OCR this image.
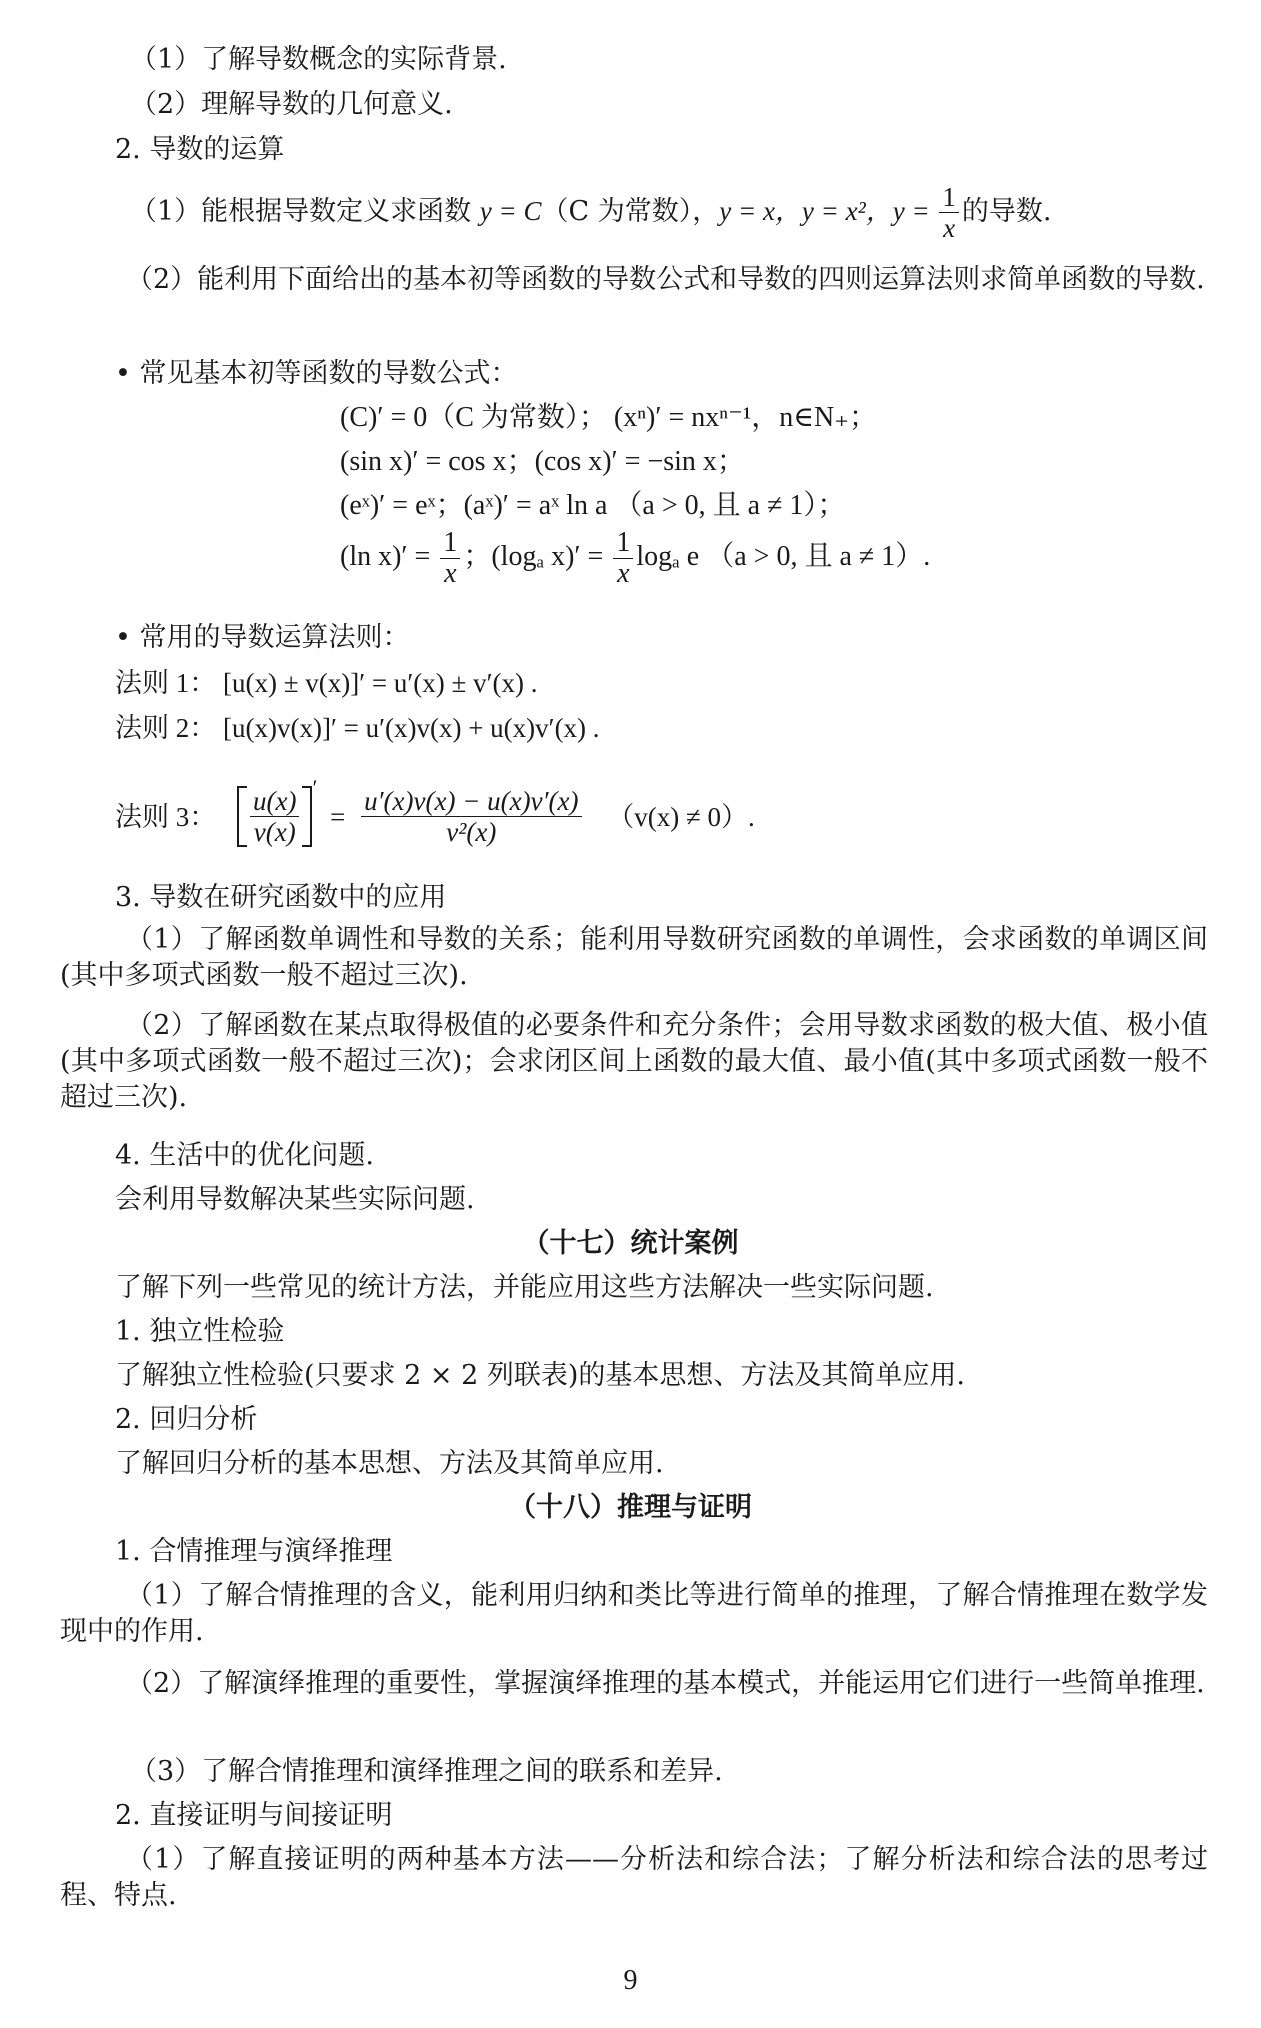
（1）了解导数概念的实际背景.
（2）理解导数的几何意义.
2. 导数的运算
（1）能根据导数定义求函数 y = C（C 为常数），y = x，y = x²，$y = \frac{1}{x}$ 的导数.
（2）能利用下面给出的基本初等函数的导数公式和导数的四则运算法则求简单函数的导数.
• 常见基本初等函数的导数公式：
(C)′ = 0（C 为常数）； (xⁿ)′ = nxⁿ⁻¹，n∈N₊；
(sin x)′ = cos x；(cos x)′ = −sin x；
(eˣ)′ = eˣ；(aˣ)′ = aˣ ln a （a > 0, 且 a ≠ 1）；
(ln $x)' = \frac{1}{x}$ ；(logₐ $x)' = \frac{1}{x}$ logₐ e （a > 0, 且 a ≠ 1）.
• 常用的导数运算法则：
法则 1： [u(x) ± v(x)]′ = u′(x) ± v′(x) .
法则 2： [u(x)v(x)]′ = u′(x)v(x) + u(x)v′(x) .
法则 3： $\frac{u(x)}{v(x)} ' = \frac{u'(x)v(x) - u(x)v'(x)}{\text{v²(x)}} (v(x) \ne 0)$.
3. 导数在研究函数中的应用
（1）了解函数单调性和导数的关系；能利用导数研究函数的单调性，会求函数的单调区间(其中多项式函数一般不超过三次).
（2）了解函数在某点取得极值的必要条件和充分条件；会用导数求函数的极大值、极小值(其中多项式函数一般不超过三次)；会求闭区间上函数的最大值、最小值(其中多项式函数一般不超过三次).
4. 生活中的优化问题.
会利用导数解决某些实际问题.
（十七）统计案例
了解下列一些常见的统计方法，并能应用这些方法解决一些实际问题.
1. 独立性检验
了解独立性检验(只要求 2 × 2 列联表)的基本思想、方法及其简单应用.
2. 回归分析
了解回归分析的基本思想、方法及其简单应用.
（十八）推理与证明
1. 合情推理与演绎推理
（1）了解合情推理的含义，能利用归纳和类比等进行简单的推理，了解合情推理在数学发现中的作用.
（2）了解演绎推理的重要性，掌握演绎推理的基本模式，并能运用它们进行一些简单推理.
（3）了解合情推理和演绎推理之间的联系和差异.
2. 直接证明与间接证明
（1）了解直接证明的两种基本方法——分析法和综合法；了解分析法和综合法的思考过程、特点.
9
